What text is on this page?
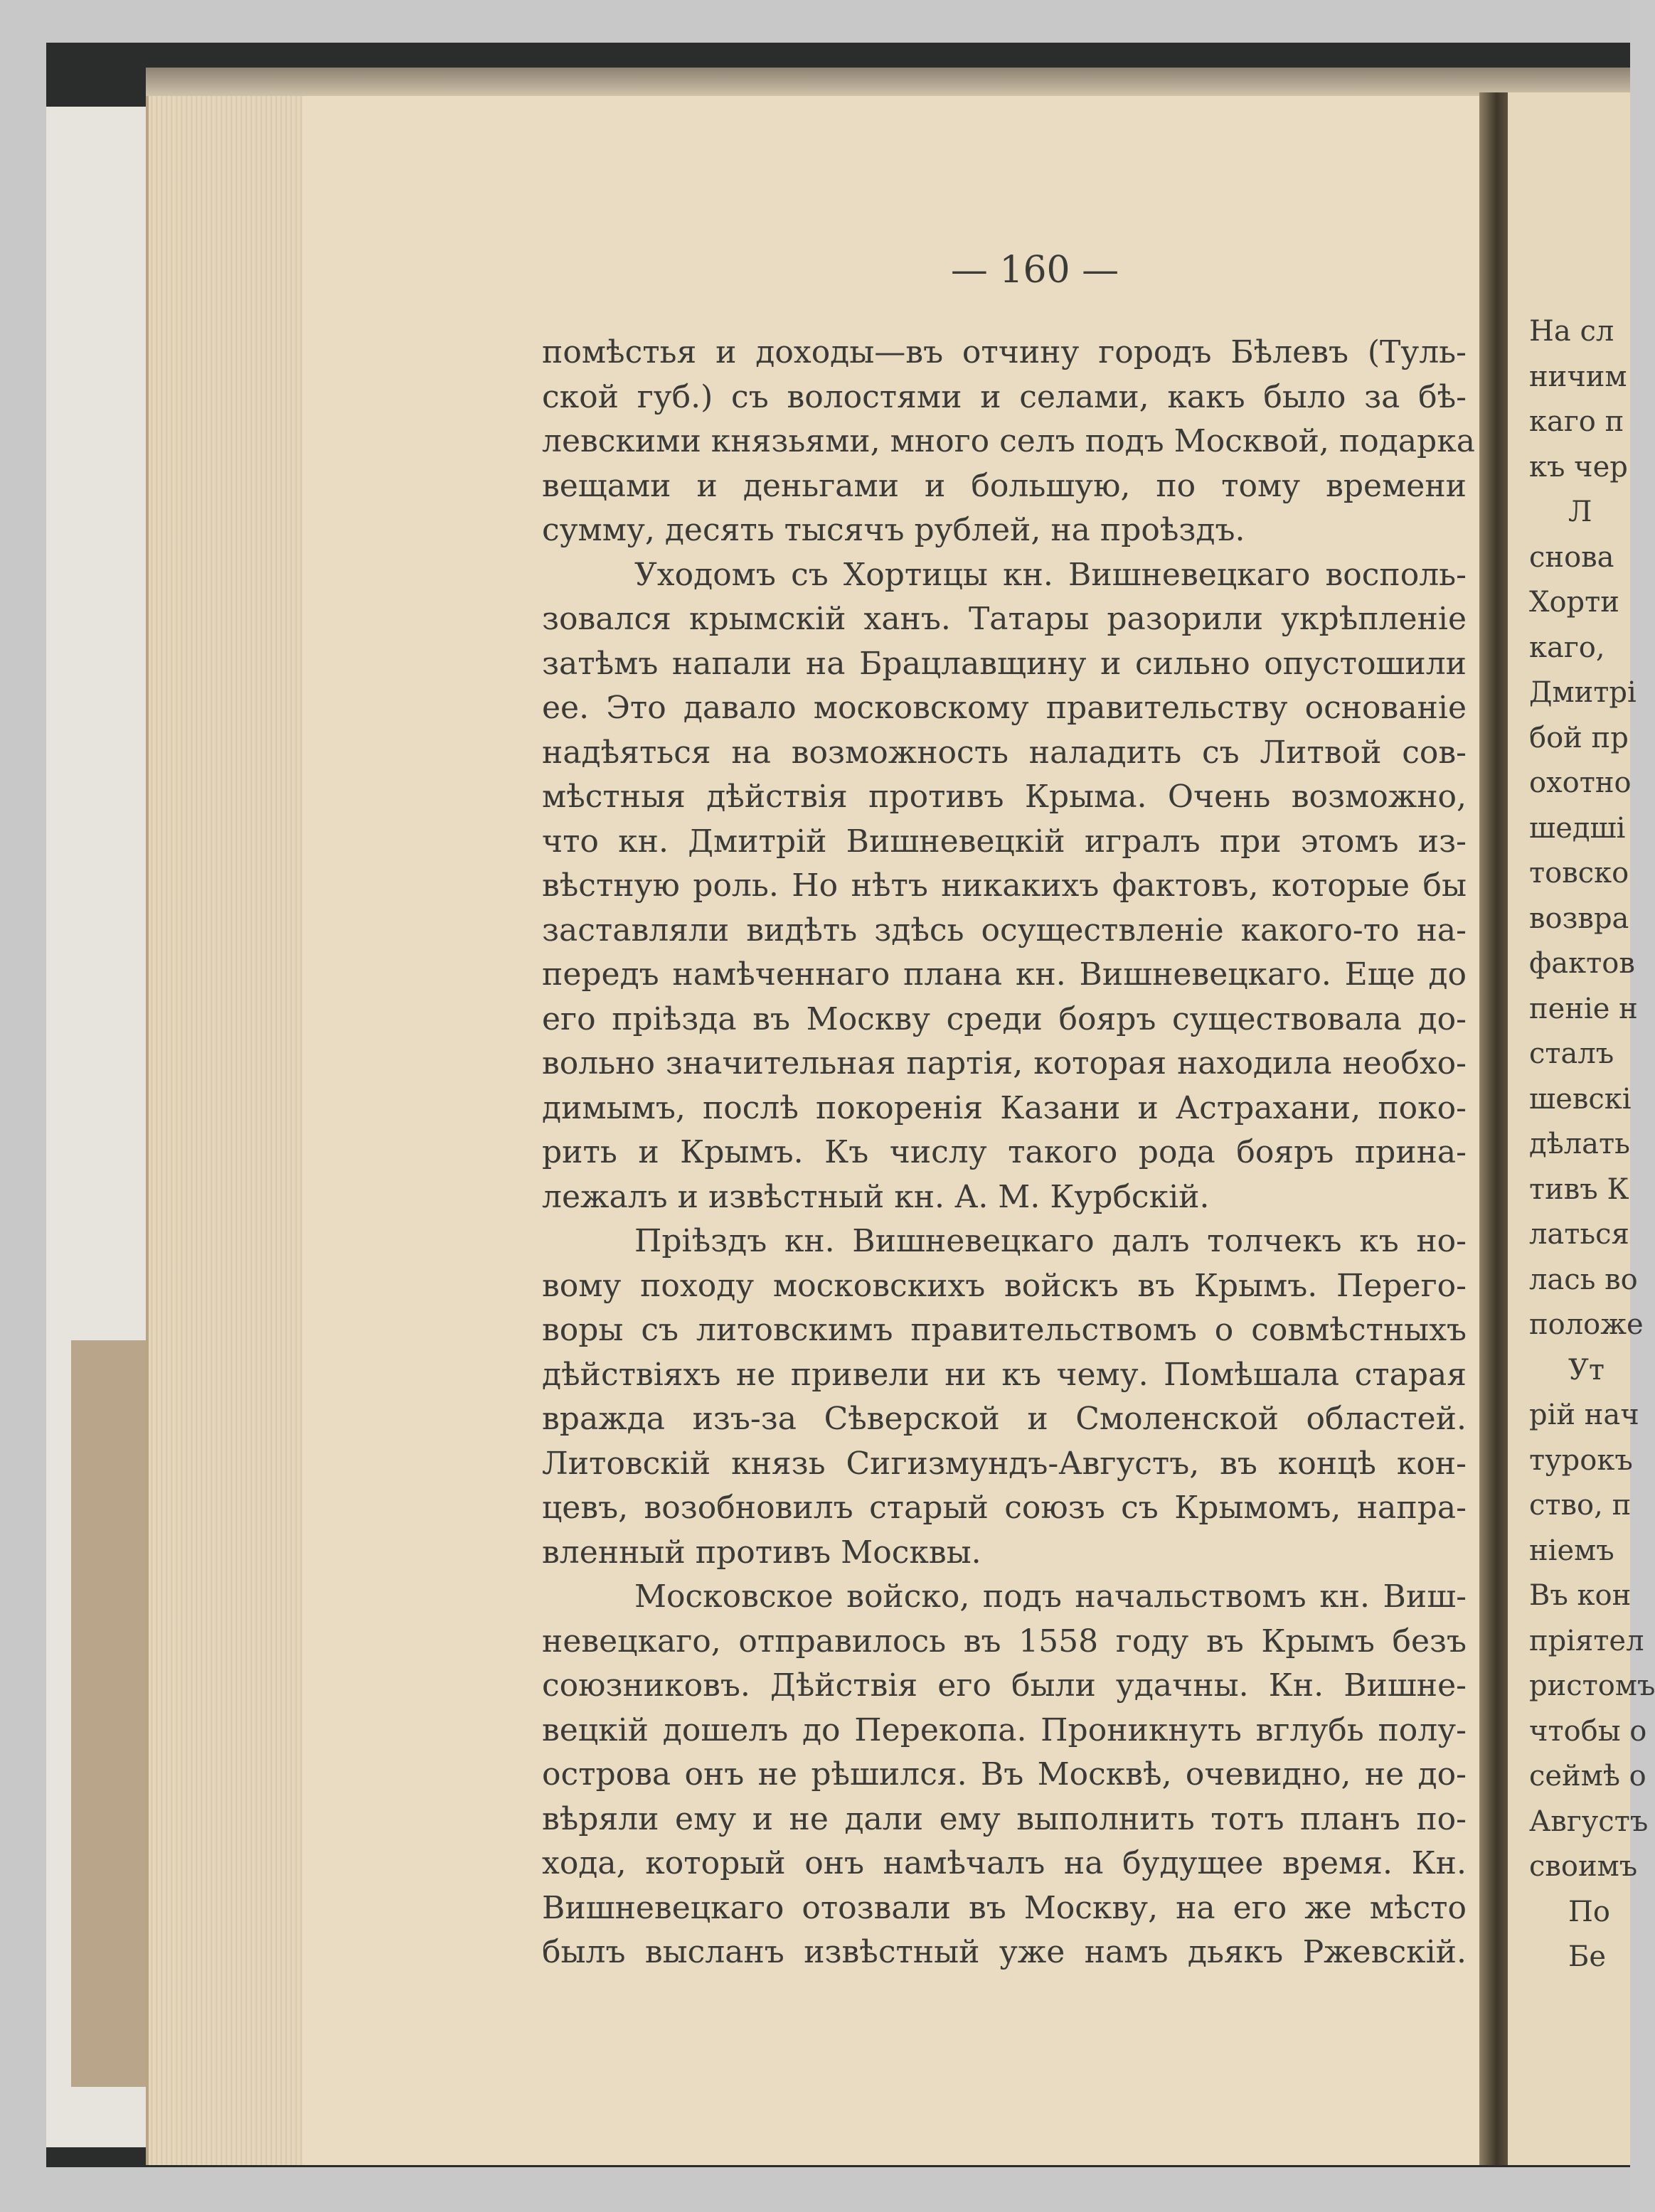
— 160 —
помѣстья и доходы—въ отчину городъ Бѣлевъ (Туль-
ской губ.) съ волостями и селами, какъ было за бѣ-
левскими князьями, много селъ подъ Москвой, подарка
вещами и деньгами и большую, по тому времени
сумму, десять тысячъ рублей, на проѣздъ.
Уходомъ съ Хортицы кн. Вишневецкаго восполь-
зовался крымскій ханъ. Татары разорили укрѣпленіе
затѣмъ напали на Брацлавщину и сильно опустошили
ее. Это давало московскому правительству основаніе
надѣяться на возможность наладить съ Литвой сов-
мѣстныя дѣйствія противъ Крыма. Очень возможно,
что кн. Дмитрій Вишневецкій игралъ при этомъ из-
вѣстную роль. Но нѣтъ никакихъ фактовъ, которые бы
заставляли видѣть здѣсь осуществленіе какого-то на-
передъ намѣченнаго плана кн. Вишневецкаго. Еще до
его пріѣзда въ Москву среди бояръ существовала до-
вольно значительная партія, которая находила необхо-
димымъ, послѣ покоренія Казани и Астрахани, поко-
рить и Крымъ. Къ числу такого рода бояръ прина-
лежалъ и извѣстный кн. А. М. Курбскій.
Пріѣздъ кн. Вишневецкаго далъ толчекъ къ но-
вому походу московскихъ войскъ въ Крымъ. Перего-
воры съ литовскимъ правительствомъ о совмѣстныхъ
дѣйствіяхъ не привели ни къ чему. Помѣшала старая
вражда изъ-за Сѣверской и Смоленской областей.
Литовскій князь Сигизмундъ-Августъ, въ концѣ кон-
цевъ, возобновилъ старый союзъ съ Крымомъ, напра-
вленный противъ Москвы.
Московское войско, подъ начальствомъ кн. Виш-
невецкаго, отправилось въ 1558 году въ Крымъ безъ
союзниковъ. Дѣйствія его были удачны. Кн. Вишне-
вецкій дошелъ до Перекопа. Проникнуть вглубь полу-
острова онъ не рѣшился. Въ Москвѣ, очевидно, не до-
вѣряли ему и не дали ему выполнить тотъ планъ по-
хода, который онъ намѣчалъ на будущее время. Кн.
Вишневецкаго отозвали въ Москву, на его же мѣсто
былъ высланъ извѣстный уже намъ дьякъ Ржевскій.
На сл
ничим
каго п
къ чер
Л
снова
Хорти
каго,
Дмитрі
бой пр
охотно
шедші
товско
возвра
фактов
пеніе н
сталъ
шевскі
дѣлать
тивъ К
латься
лась во
положе
Ут
рій нач
турокъ
ство, п
ніемъ
Въ кон
пріятел
ристомъ
чтобы о
сеймѣ о
Августъ
своимъ
По
Бе
